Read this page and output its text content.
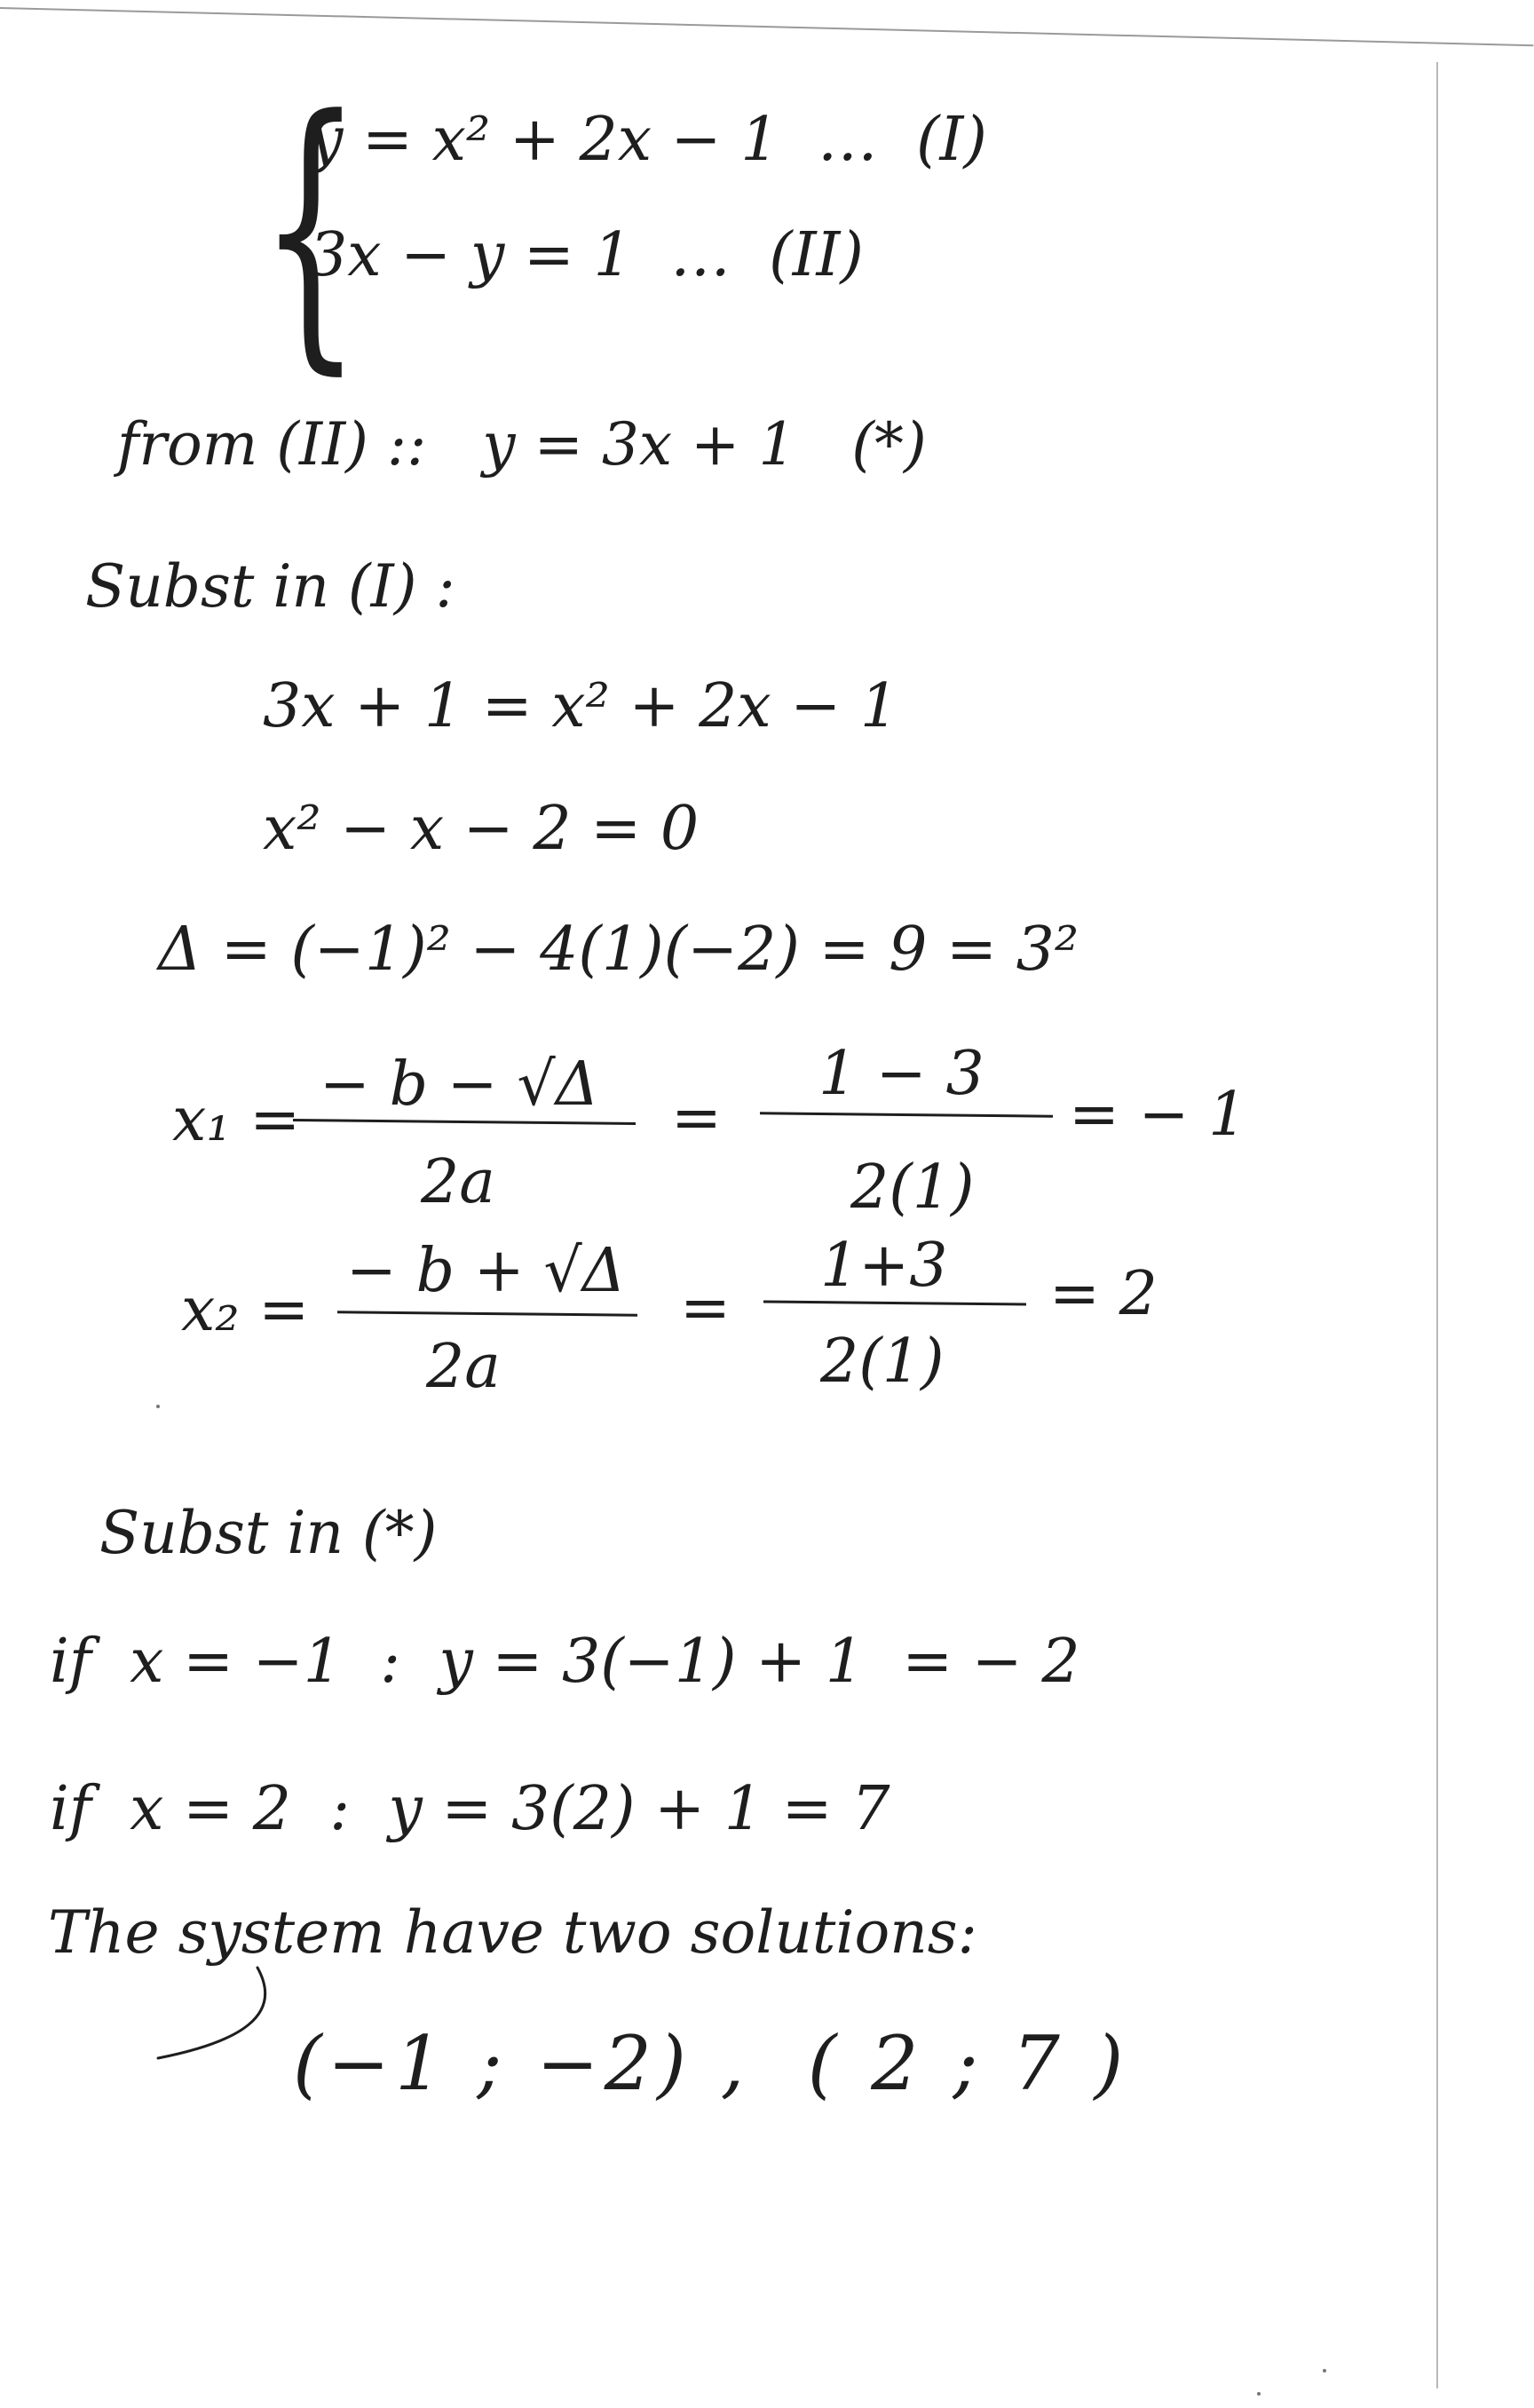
{
y = x² + 2x − 1  …  (I)
3x − y = 1  …  (II)
from (II) ::   y = 3x + 1   (*)
Subst in (I) :
3x + 1 = x² + 2x − 1
x² − x − 2 = 0
Δ = (−1)² − 4(1)(−2) = 9 = 3²
x₁ =
− b − √Δ
2a
=
1 − 3
2(1)
= − 1
x₂ =
− b + √Δ
2a
=
1+3
2(1)
= 2
Subst in (*)
if  x = −1  :  y = 3(−1) + 1  = − 2
if  x = 2  :  y = 3(2) + 1 = 7
The system have two solutions:
(−1 ; −2) ,  ( 2 ; 7 )
